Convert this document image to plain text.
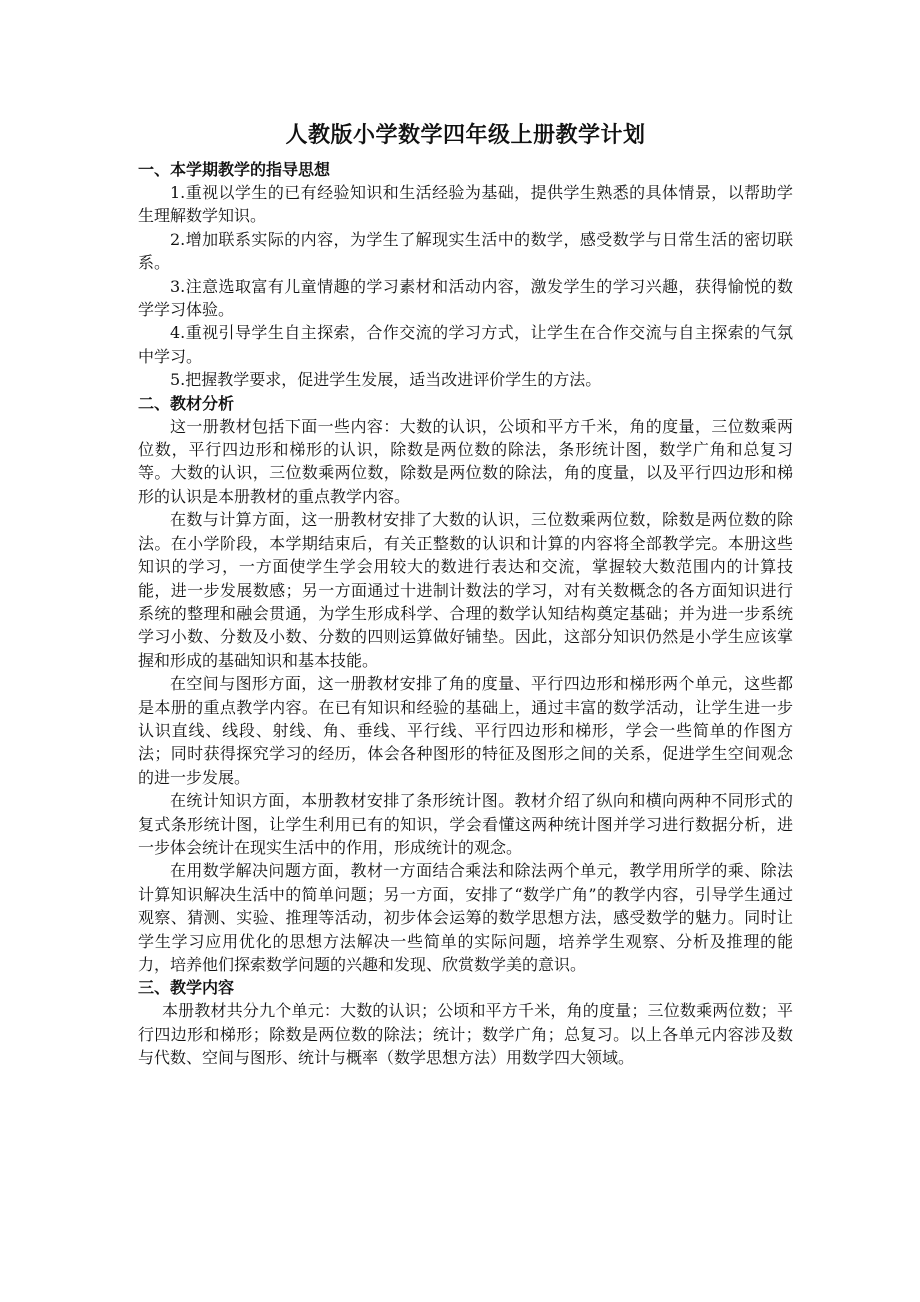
人教版小学数学四年级上册教学计划
一、本学期教学的指导思想

1.重视以学生的已有经验知识和生活经验为基础，提供学生熟悉的具体情景，以帮助学生理解数学知识。

2.增加联系实际的内容，为学生了解现实生活中的数学，感受数学与日常生活的密切联系。

3.注意选取富有儿童情趣的学习素材和活动内容，激发学生的学习兴趣，获得愉悦的数学学习体验。

4.重视引导学生自主探索，合作交流的学习方式，让学生在合作交流与自主探索的气氛中学习。

5.把握教学要求，促进学生发展，适当改进评价学生的方法。

二、教材分析

这一册教材包括下面一些内容：大数的认识，公顷和平方千米，角的度量，三位数乘两位数，平行四边形和梯形的认识，除数是两位数的除法，条形统计图，数学广角和总复习等。大数的认识，三位数乘两位数，除数是两位数的除法，角的度量，以及平行四边形和梯形的认识是本册教材的重点教学内容。

在数与计算方面，这一册教材安排了大数的认识，三位数乘两位数，除数是两位数的除法。在小学阶段，本学期结束后，有关正整数的认识和计算的内容将全部教学完。本册这些知识的学习，一方面使学生学会用较大的数进行表达和交流，掌握较大数范围内的计算技能，进一步发展数感；另一方面通过十进制计数法的学习，对有关数概念的各方面知识进行系统的整理和融会贯通，为学生形成科学、合理的数学认知结构奠定基础；并为进一步系统学习小数、分数及小数、分数的四则运算做好铺垫。因此，这部分知识仍然是小学生应该掌握和形成的基础知识和基本技能。

在空间与图形方面，这一册教材安排了角的度量、平行四边形和梯形两个单元，这些都是本册的重点教学内容。在已有知识和经验的基础上，通过丰富的数学活动，让学生进一步认识直线、线段、射线、角、垂线、平行线、平行四边形和梯形，学会一些简单的作图方法；同时获得探究学习的经历，体会各种图形的特征及图形之间的关系，促进学生空间观念的进一步发展。

在统计知识方面，本册教材安排了条形统计图。教材介绍了纵向和横向两种不同形式的复式条形统计图，让学生利用已有的知识，学会看懂这两种统计图并学习进行数据分析，进一步体会统计在现实生活中的作用，形成统计的观念。

在用数学解决问题方面，教材一方面结合乘法和除法两个单元，教学用所学的乘、除法计算知识解决生活中的简单问题；另一方面，安排了“数学广角”的教学内容，引导学生通过观察、猜测、实验、推理等活动，初步体会运筹的数学思想方法，感受数学的魅力。同时让学生学习应用优化的思想方法解决一些简单的实际问题，培养学生观察、分析及推理的能力，培养他们探索数学问题的兴趣和发现、欣赏数学美的意识。

三、教学内容

本册教材共分九个单元：大数的认识；公顷和平方千米，角的度量；三位数乘两位数；平行四边形和梯形；除数是两位数的除法；统计；数学广角；总复习。以上各单元内容涉及数与代数、空间与图形、统计与概率（数学思想方法）用数学四大领域。
